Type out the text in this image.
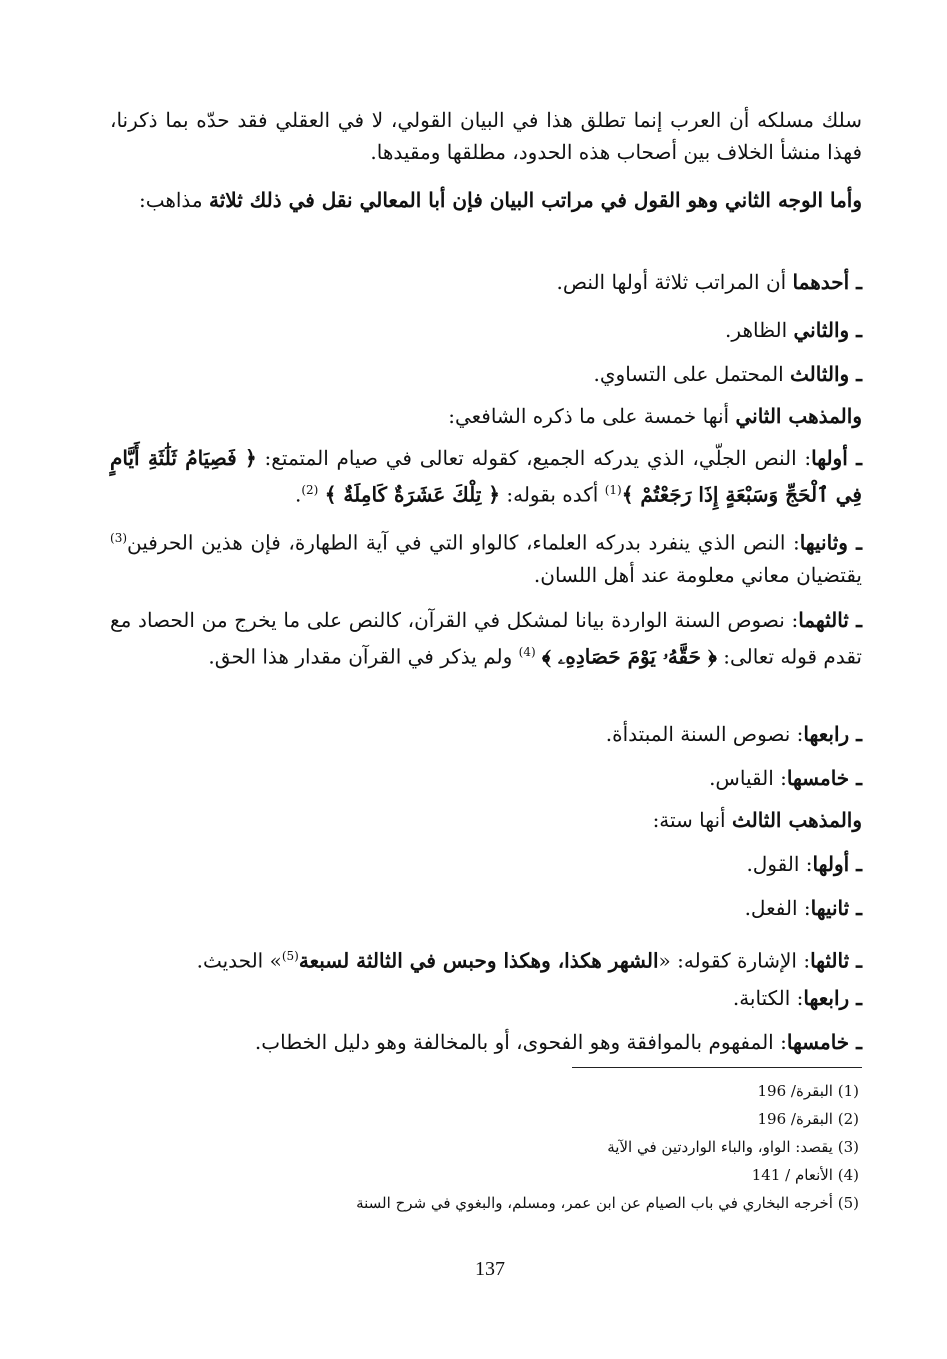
سلك مسلكه أن العرب إنما تطلق هذا في البيان القولي، لا في العقلي فقد حدّه بما ذكرنا، فهذا منشأ الخلاف بين أصحاب هذه الحدود، مطلقها ومقيدها.

وأما الوجه الثاني وهو القول في مراتب البيان فإن أبا المعالي نقل في ذلك ثلاثة مذاهب:

ـ أحدهما أن المراتب ثلاثة أولها النص.
ـ والثاني الظاهر.
ـ والثالث المحتمل على التساوي.
والمذهب الثاني أنها خمسة على ما ذكره الشافعي:

ـ أولها: النص الجلّي، الذي يدركه الجميع، كقوله تعالى في صيام المتمتع: ﴿ فَصِيَامُ ثَلَٰثَةِ أَيَّامٍ فِي ٱلْحَجِّ وَسَبْعَةٍ إِذَا رَجَعْتُمْ ﴾$^{(1)}$ أكده بقوله: ﴿ تِلْكَ عَشَرَةٌ كَامِلَةٌ ﴾ $^{(2)}$.

ـ وثانيها: النص الذي ينفرد بدركه العلماء، كالواو التي في آية الطهارة، فإن هذين الحرفين$^{(3)}$ يقتضيان معاني معلومة عند أهل اللسان.

ـ ثالثهما: نصوص السنة الواردة بيانا لمشكل في القرآن، كالنص على ما يخرج من الحصاد مع تقدم قوله تعالى: ﴿ حَقَّهُۥ يَوْمَ حَصَادِهِۦ ﴾ $^{(4)}$ ولم يذكر في القرآن مقدار هذا الحق.

ـ رابعها: نصوص السنة المبتدأة.
ـ خامسها: القياس.
والمذهب الثالث أنها ستة:
ـ أولها: القول.
ـ ثانيها: الفعل.
ـ ثالثها: الإشارة كقوله: «الشهر هكذا، وهكذا وحبس في الثالثة لسبعة$^{(5)}$» الحديث.
ـ رابعها: الكتابة.
ـ خامسها: المفهوم بالموافقة وهو الفحوى، أو بالمخالفة وهو دليل الخطاب.
(1) البقرة/ 196
(2) البقرة/ 196
(3) يقصد: الواو، والباء الواردتين في الآية
(4) الأنعام / 141
(5) أخرجه البخاري في باب الصيام عن ابن عمر، ومسلم، والبغوي في شرح السنة
137
